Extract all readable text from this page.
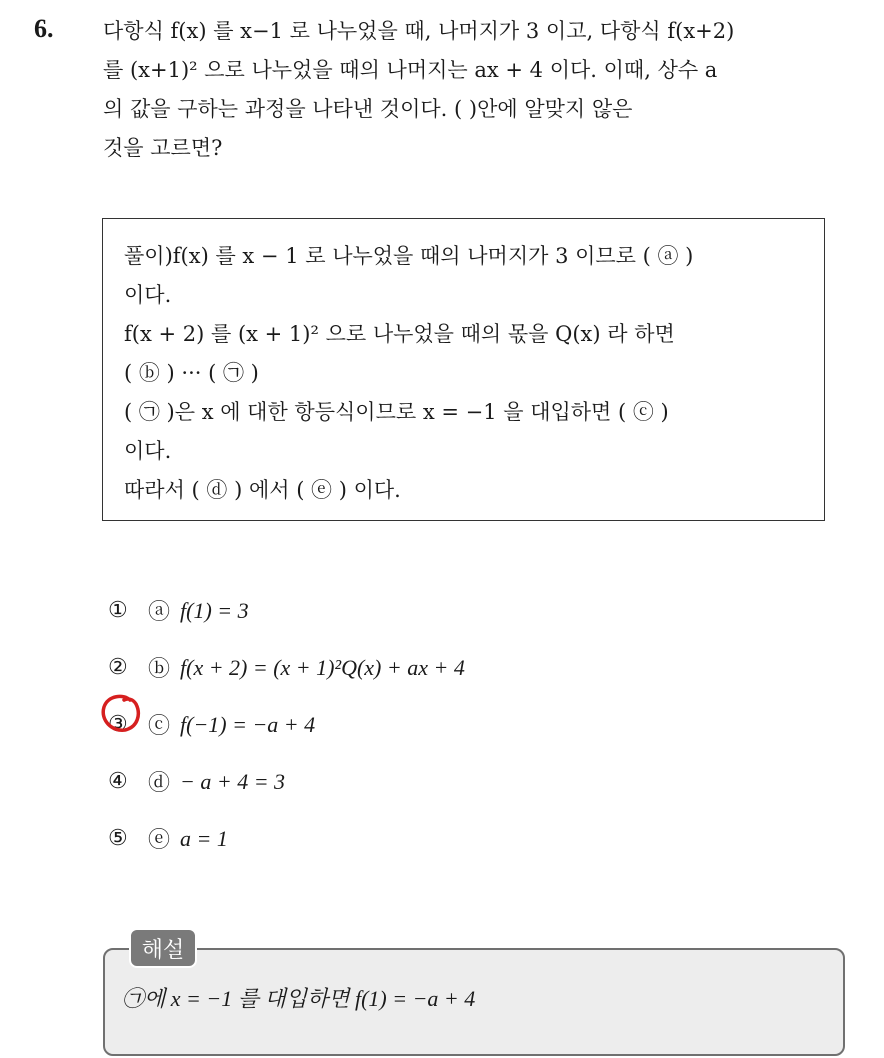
6. 다항식 f(x) 를 x−1 로 나누었을 때, 나머지가 3 이고, 다항식 f(x+2)
를 (x+1)² 으로 나누었을 때의 나머지는 ax + 4 이다. 이때, 상수 a
의 값을 구하는 과정을 나타낸 것이다. ( )안에 알맞지 않은
것을 고르면?
풀이)f(x) 를 x − 1 로 나누었을 때의 나머지가 3 이므로 ( ⓐ )
이다.
f(x + 2) 를 (x + 1)² 으로 나누었을 때의 몫을 Q(x) 라 하면
( ⓑ ) ··· ( ㉠ )
( ㉠ )은 x 에 대한 항등식이므로 x = −1 을 대입하면 ( ⓒ )
이다.
따라서 ( ⓓ ) 에서 ( ⓔ ) 이다.
① ⓐ f(1) = 3
② ⓑ f(x + 2) = (x + 1)²Q(x) + ax + 4
③ ⓒ f(−1) = −a + 4
④ ⓓ − a + 4 = 3
⑤ ⓔ a = 1
해설
㉠에 x = −1 를 대입하면 f(1) = −a + 4
